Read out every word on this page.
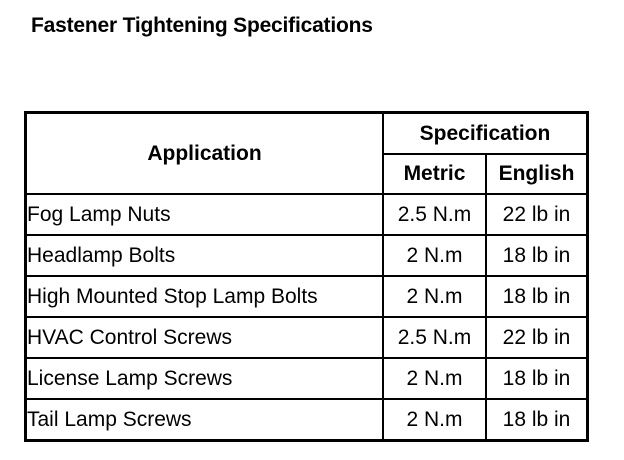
Fastener Tightening Specifications
Application	Specification	
	Metric	English
Fog Lamp Nuts	2.5 N.m	22 lb in
Headlamp Bolts	2 N.m	18 lb in
High Mounted Stop Lamp Bolts	2 N.m	18 lb in
HVAC Control Screws	2.5 N.m	22 lb in
License Lamp Screws	2 N.m	18 lb in
Tail Lamp Screws	2 N.m	18 lb in
